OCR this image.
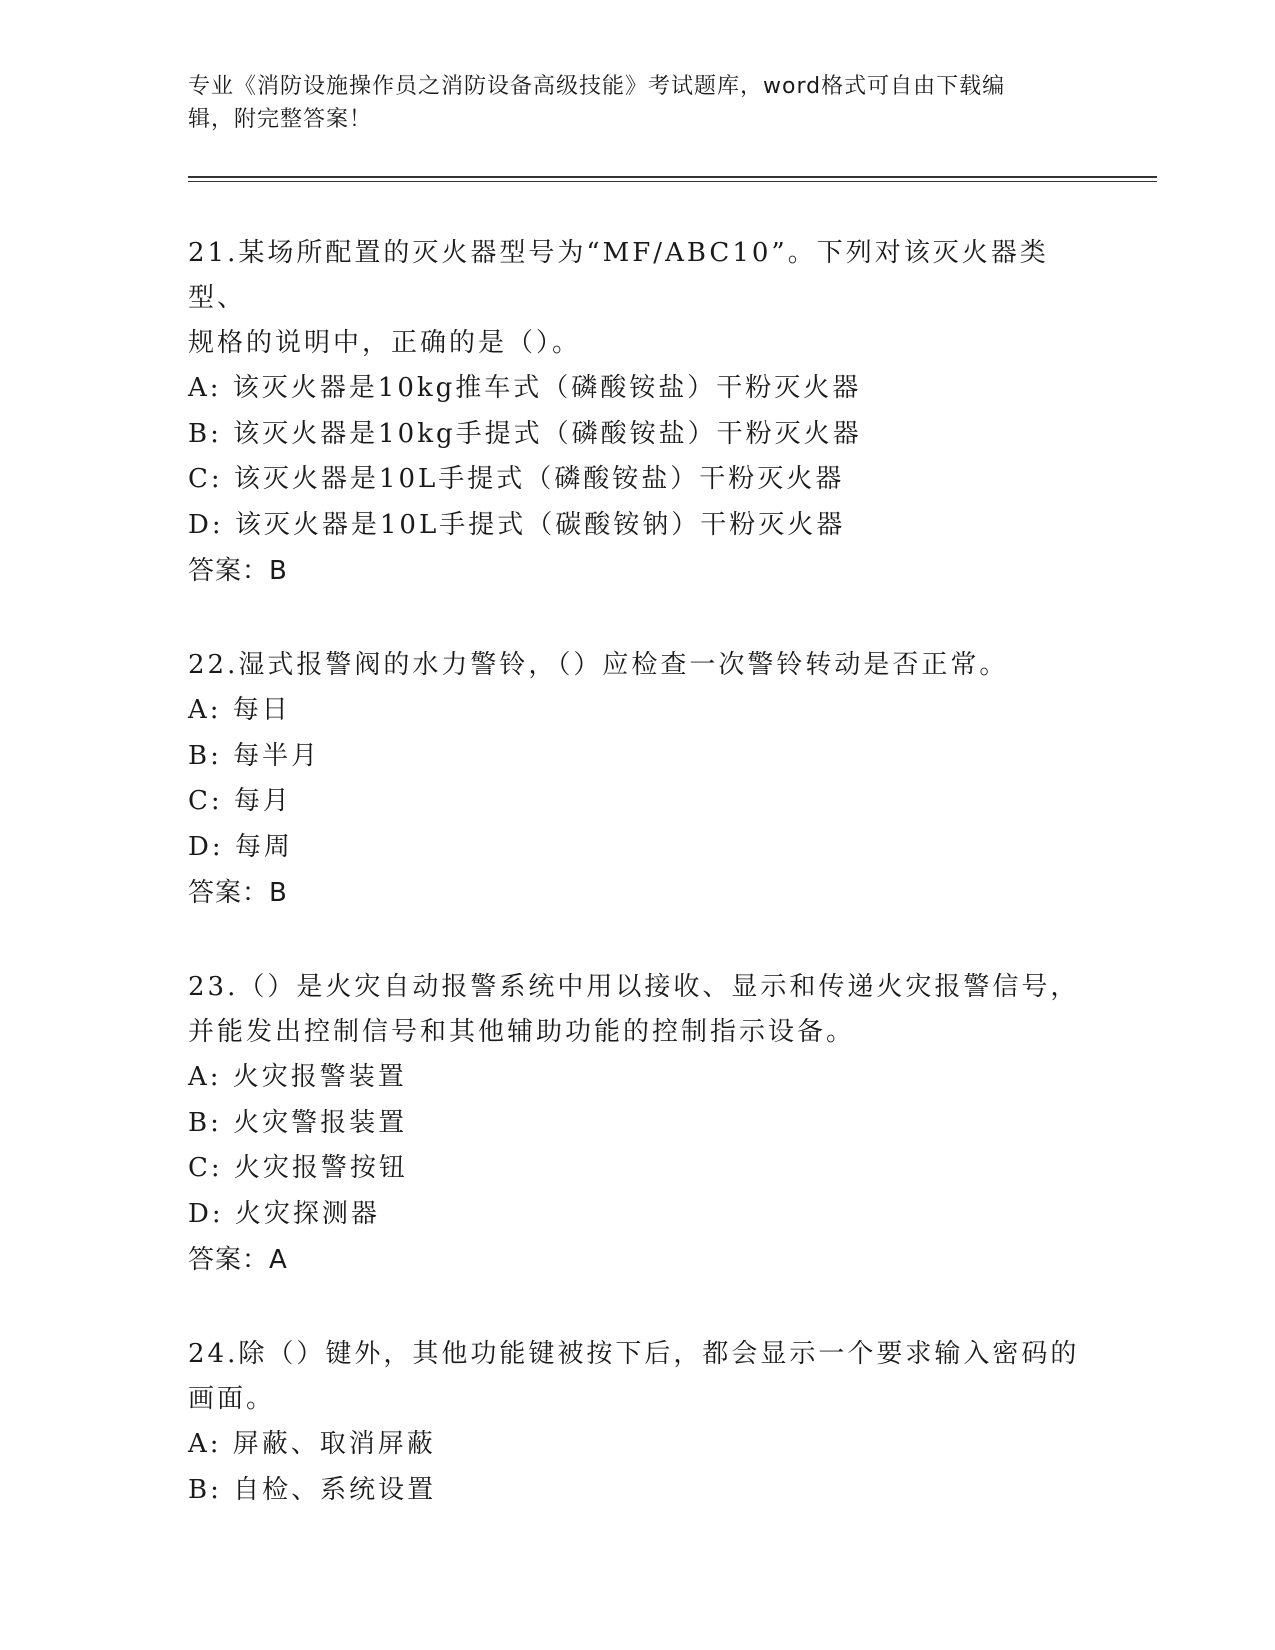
专业《消防设施操作员之消防设备高级技能》考试题库，word格式可自由下载编
辑，附完整答案！

21.某场所配置的灭火器型号为“MF/ABC10”。下列对该灭火器类型、
规格的说明中，正确的是（）。

A: 该灭火器是10kg推车式（磷酸铵盐）干粉灭火器

B: 该灭火器是10kg手提式（磷酸铵盐）干粉灭火器

C: 该灭火器是10L手提式（磷酸铵盐）干粉灭火器

D: 该灭火器是10L手提式（碳酸铵钠）干粉灭火器

答案：B

22.湿式报警阀的水力警铃，（）应检查一次警铃转动是否正常。

A: 每日

B: 每半月

C: 每月

D: 每周

答案：B

23.（）是火灾自动报警系统中用以接收、显示和传递火灾报警信号，
并能发出控制信号和其他辅助功能的控制指示设备。

A: 火灾报警装置

B: 火灾警报装置

C: 火灾报警按钮

D: 火灾探测器

答案：A

24.除（）键外，其他功能键被按下后，都会显示一个要求输入密码的
画面。

A: 屏蔽、取消屏蔽

B: 自检、系统设置
